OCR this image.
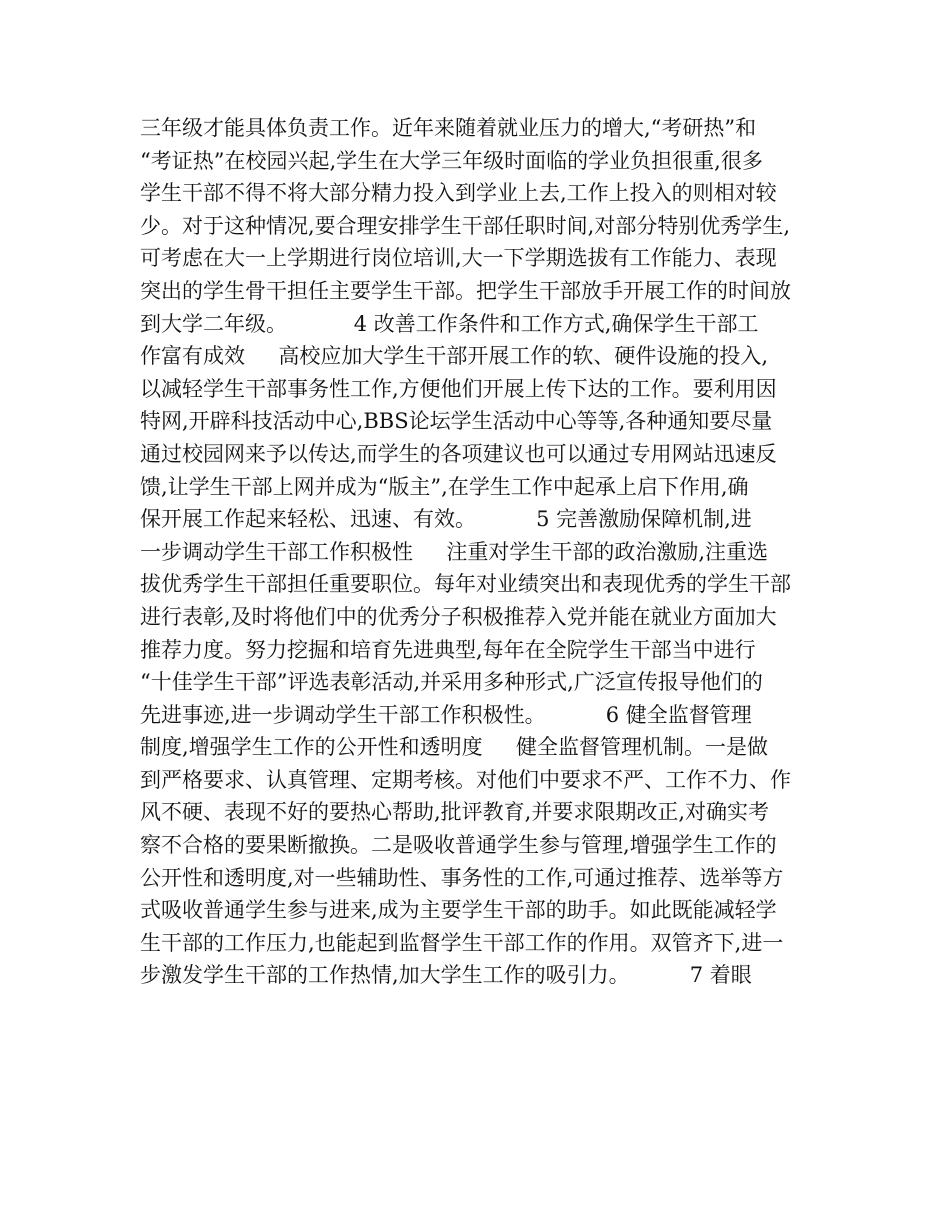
三年级才能具体负责工作。近年来随着就业压力的增大,“考研热”和
“考证热”在校园兴起,学生在大学三年级时面临的学业负担很重,很多
学生干部不得不将大部分精力投入到学业上去,工作上投入的则相对较
少。对于这种情况,要合理安排学生干部任职时间,对部分特别优秀学生,
可考虑在大一上学期进行岗位培训,大一下学期选拔有工作能力、表现
突出的学生骨干担任主要学生干部。把学生干部放手开展工作的时间放
到大学二年级。          4 改善工作条件和工作方式,确保学生干部工
作富有成效     高校应加大学生干部开展工作的软、硬件设施的投入,
以减轻学生干部事务性工作,方便他们开展上传下达的工作。要利用因
特网,开辟科技活动中心,BBS论坛学生活动中心等等,各种通知要尽量
通过校园网来予以传达,而学生的各项建议也可以通过专用网站迅速反
馈,让学生干部上网并成为“版主”,在学生工作中起承上启下作用,确
保开展工作起来轻松、迅速、有效。         5 完善激励保障机制,进
一步调动学生干部工作积极性     注重对学生干部的政治激励,注重选
拔优秀学生干部担任重要职位。每年对业绩突出和表现优秀的学生干部
进行表彰,及时将他们中的优秀分子积极推荐入党并能在就业方面加大
推荐力度。努力挖掘和培育先进典型,每年在全院学生干部当中进行
“十佳学生干部”评选表彰活动,并采用多种形式,广泛宣传报导他们的
先进事迹,进一步调动学生干部工作积极性。         6 健全监督管理
制度,增强学生工作的公开性和透明度     健全监督管理机制。一是做
到严格要求、认真管理、定期考核。对他们中要求不严、工作不力、作
风不硬、表现不好的要热心帮助,批评教育,并要求限期改正,对确实考
察不合格的要果断撤换。二是吸收普通学生参与管理,增强学生工作的
公开性和透明度,对一些辅助性、事务性的工作,可通过推荐、选举等方
式吸收普通学生参与进来,成为主要学生干部的助手。如此既能减轻学
生干部的工作压力,也能起到监督学生干部工作的作用。双管齐下,进一
步激发学生干部的工作热情,加大学生工作的吸引力。         7 着眼
